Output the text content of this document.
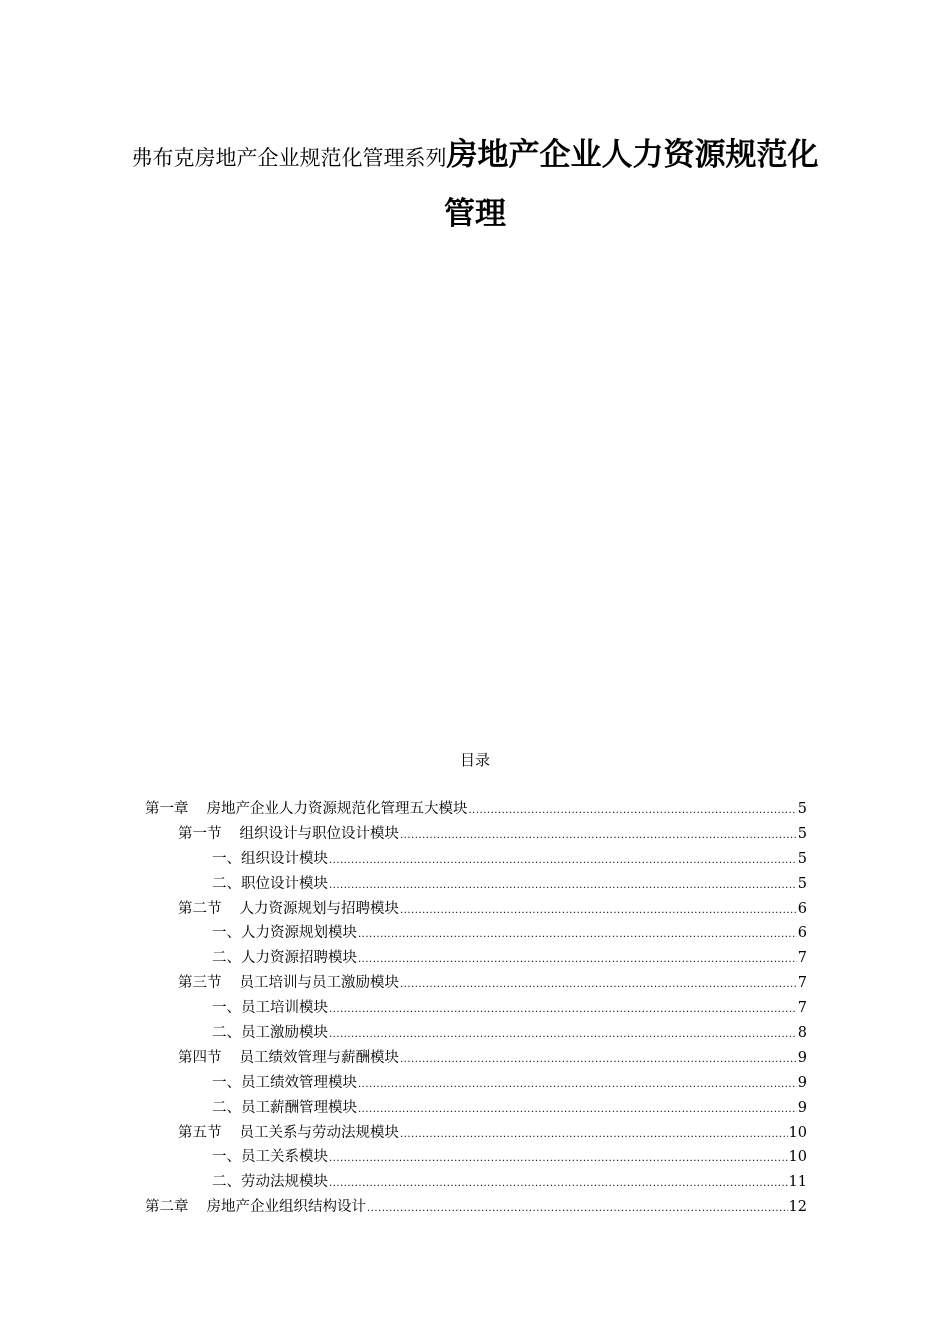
弗布克房地产企业规范化管理系列房地产企业人力资源规范化管理
目录
第一章 房地产企业人力资源规范化管理五大模块 .....	5
第一节 组织设计与职位设计模块 .....	5
一、组织设计模块 .....	5
二、职位设计模块 .....	5
第二节 人力资源规划与招聘模块 .....	6
一、人力资源规划模块 .....	6
二、人力资源招聘模块 .....	7
第三节 员工培训与员工激励模块 .....	7
一、员工培训模块 .....	7
二、员工激励模块 .....	8
第四节 员工绩效管理与薪酬模块 .....	9
一、员工绩效管理模块 .....	9
二、员工薪酬管理模块 .....	9
第五节 员工关系与劳动法规模块 .....	10
一、员工关系模块 .....	10
二、劳动法规模块 .....	11
第二章 房地产企业组织结构设计 .....	12
